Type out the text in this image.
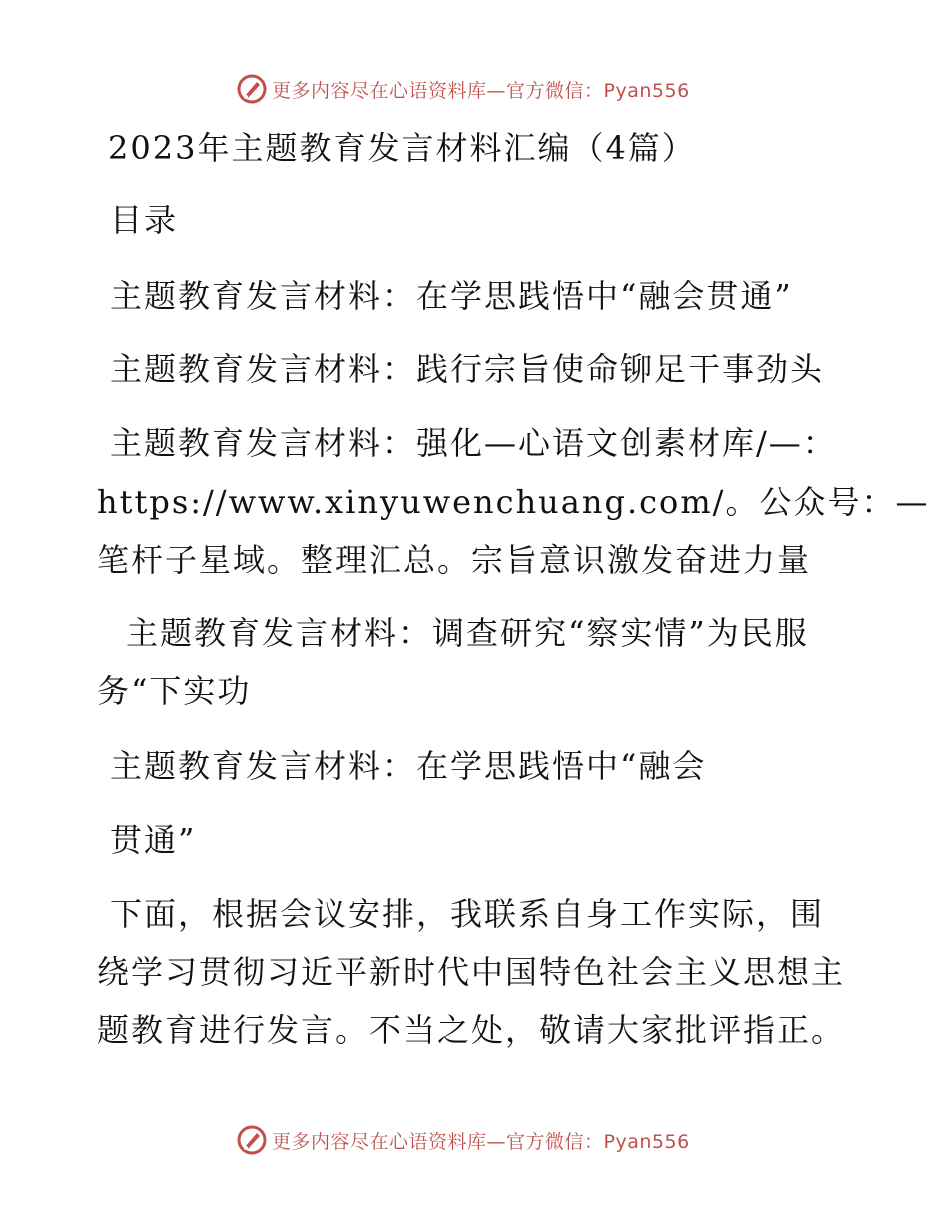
更多内容尽在心语资料库—官方微信：Pyan556
2023年主题教育发言材料汇编（4篇）
目录
主题教育发言材料：在学思践悟中“融会贯通”
主题教育发言材料：践行宗旨使命铆足干事劲头
主题教育发言材料：强化—心语文创素材库/—：
https://www.xinyuwenchuang.com/。公众号：—
笔杆子星域。整理汇总。宗旨意识激发奋进力量
主题教育发言材料：调查研究“察实情”为民服
务“下实功
主题教育发言材料：在学思践悟中“融会
贯通”
下面，根据会议安排，我联系自身工作实际，围
绕学习贯彻习近平新时代中国特色社会主义思想主
题教育进行发言。不当之处，敬请大家批评指正。
更多内容尽在心语资料库—官方微信：Pyan556
